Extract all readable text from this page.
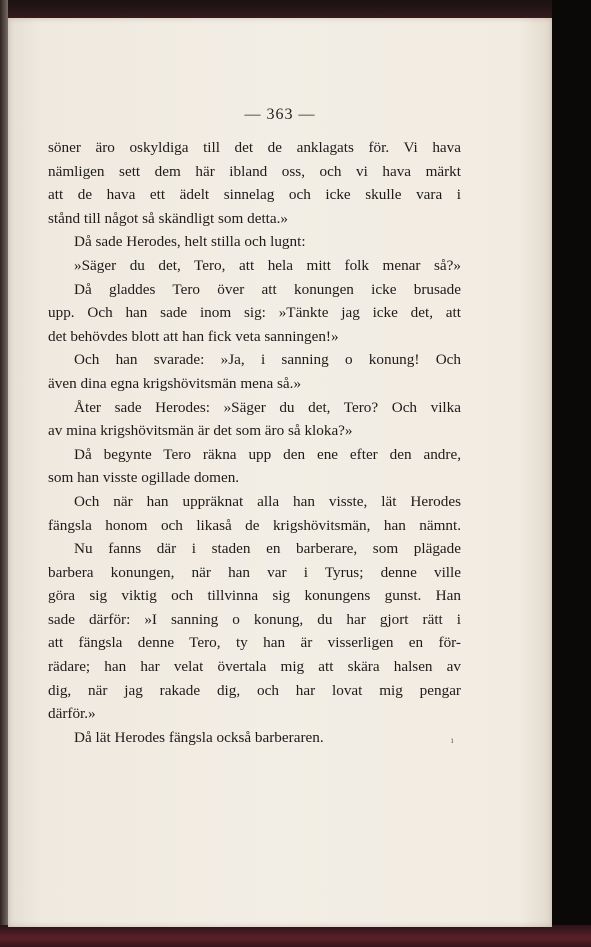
— 363 —
söner äro oskyldiga till det de anklagats för. Vi hava
nämligen sett dem här ibland oss, och vi hava märkt
att de hava ett ädelt sinnelag och icke skulle vara i
stånd till något så skändligt som detta.»
Då sade Herodes, helt stilla och lugnt:
»Säger du det, Tero, att hela mitt folk menar så?»
Då gladdes Tero över att konungen icke brusade
upp. Och han sade inom sig: »Tänkte jag icke det, att
det behövdes blott att han fick veta sanningen!»
Och han svarade: »Ja, i sanning o konung! Och
även dina egna krigshövitsmän mena så.»
Åter sade Herodes: »Säger du det, Tero? Och vilka
av mina krigshövitsmän är det som äro så kloka?»
Då begynte Tero räkna upp den ene efter den andre,
som han visste ogillade domen.
Och när han uppräknat alla han visste, lät Herodes
fängsla honom och likaså de krigshövitsmän, han nämnt.
Nu fanns där i staden en barberare, som plägade
barbera konungen, när han var i Tyrus; denne ville
göra sig viktig och tillvinna sig konungens gunst. Han
sade därför: »I sanning o konung, du har gjort rätt i
att fängsla denne Tero, ty han är visserligen en för-
rädare; han har velat övertala mig att skära halsen av
dig, när jag rakade dig, och har lovat mig pengar
därför.»
Då lät Herodes fängsla också barberaren.	ı
